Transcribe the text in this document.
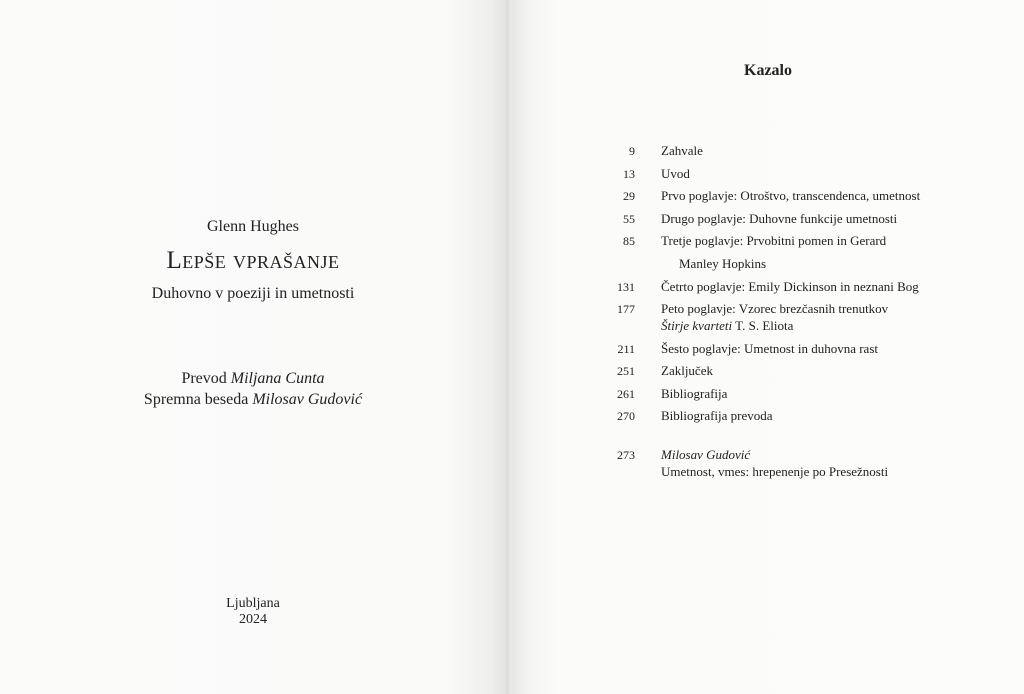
Glenn Hughes
Lepše vprašanje
Duhovno v poeziji in umetnosti
Prevod Miljana Cunta
Spremna beseda Milosav Gudović
Ljubljana
2024
Kazalo
9 Zahvale
13 Uvod
29 Prvo poglavje: Otroštvo, transcendenca, umetnost
55 Drugo poglavje: Duhovne funkcije umetnosti
85 Tretje poglavje: Prvobitni pomen in Gerard
Manley Hopkins
131 Četrto poglavje: Emily Dickinson in neznani Bog
177 Peto poglavje: Vzorec brezčasnih trenutkov
Štirje kvarteti T. S. Eliota
211 Šesto poglavje: Umetnost in duhovna rast
251 Zaključek
261 Bibliografija
270 Bibliografija prevoda
273 Milosav Gudović
Umetnost, vmes: hrepenenje po Presežnosti
